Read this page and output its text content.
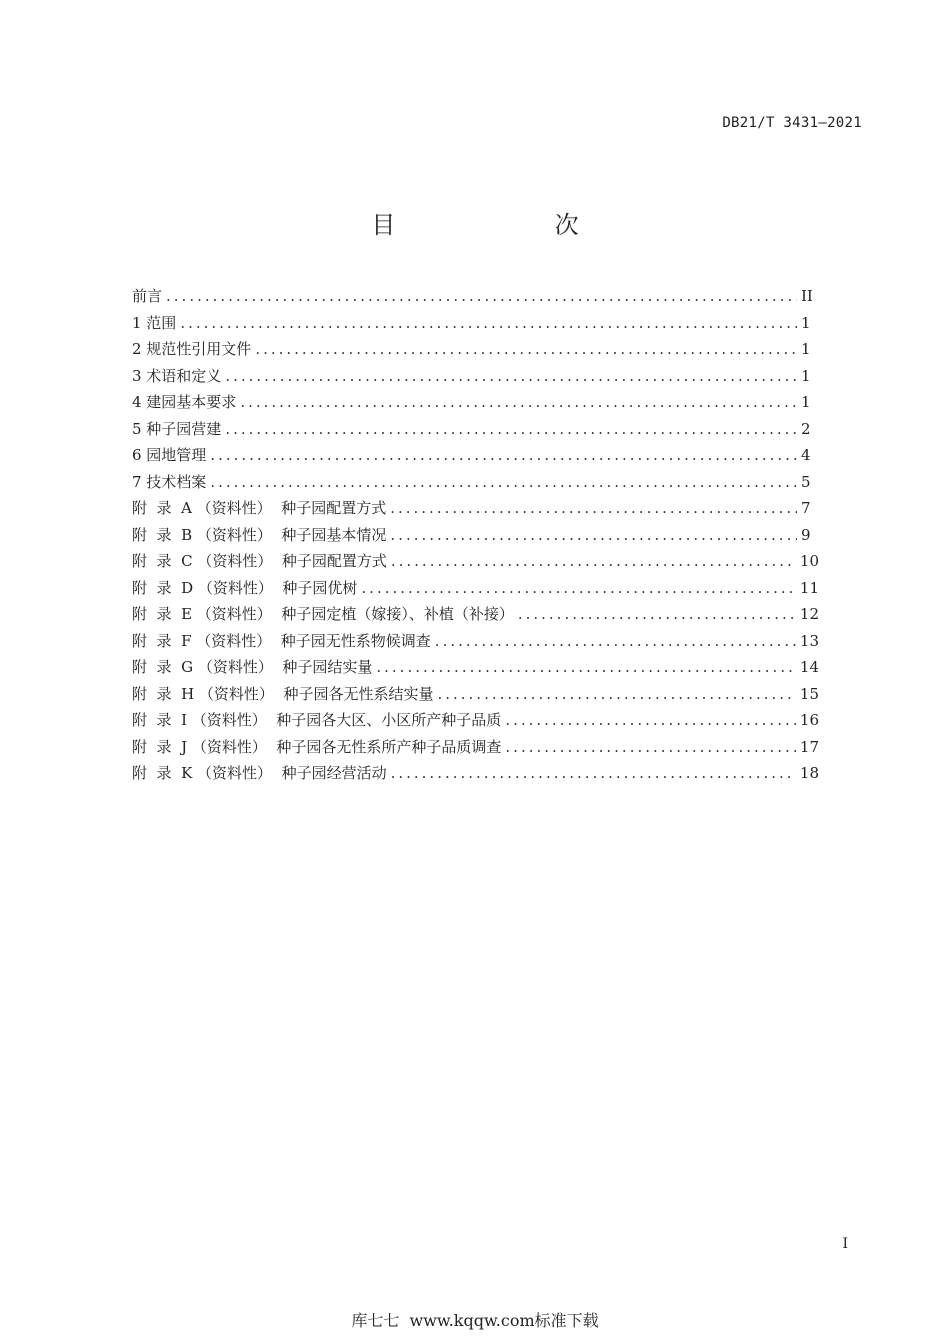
DB21/T 3431—2021
目  次
前言 .....	II
1 范围 .....	1
2 规范性引用文件 .....	1
3 术语和定义 .....	1
4 建园基本要求 .....	1
5 种子园营建 .....	2
6 园地管理 .....	4
7 技术档案 .....	5
附  录  A （资料性）  种子园配置方式 .....	7
附  录  B （资料性）  种子园基本情况 .....	9
附  录  C （资料性）  种子园配置方式 .....	10
附  录  D （资料性）  种子园优树 .....	11
附  录  E （资料性）  种子园定植（嫁接）、补植（补接） .....	12
附  录  F （资料性）  种子园无性系物候调查 .....	13
附  录  G （资料性）  种子园结实量 .....	14
附  录  H （资料性）  种子园各无性系结实量 .....	15
附  录  I （资料性）  种子园各大区、小区所产种子品质 .....	16
附  录  J （资料性）  种子园各无性系所产种子品质调查 .....	17
附  录  K （资料性）  种子园经营活动 .....	18
I
库七七  www.kqqw.com标准下载
